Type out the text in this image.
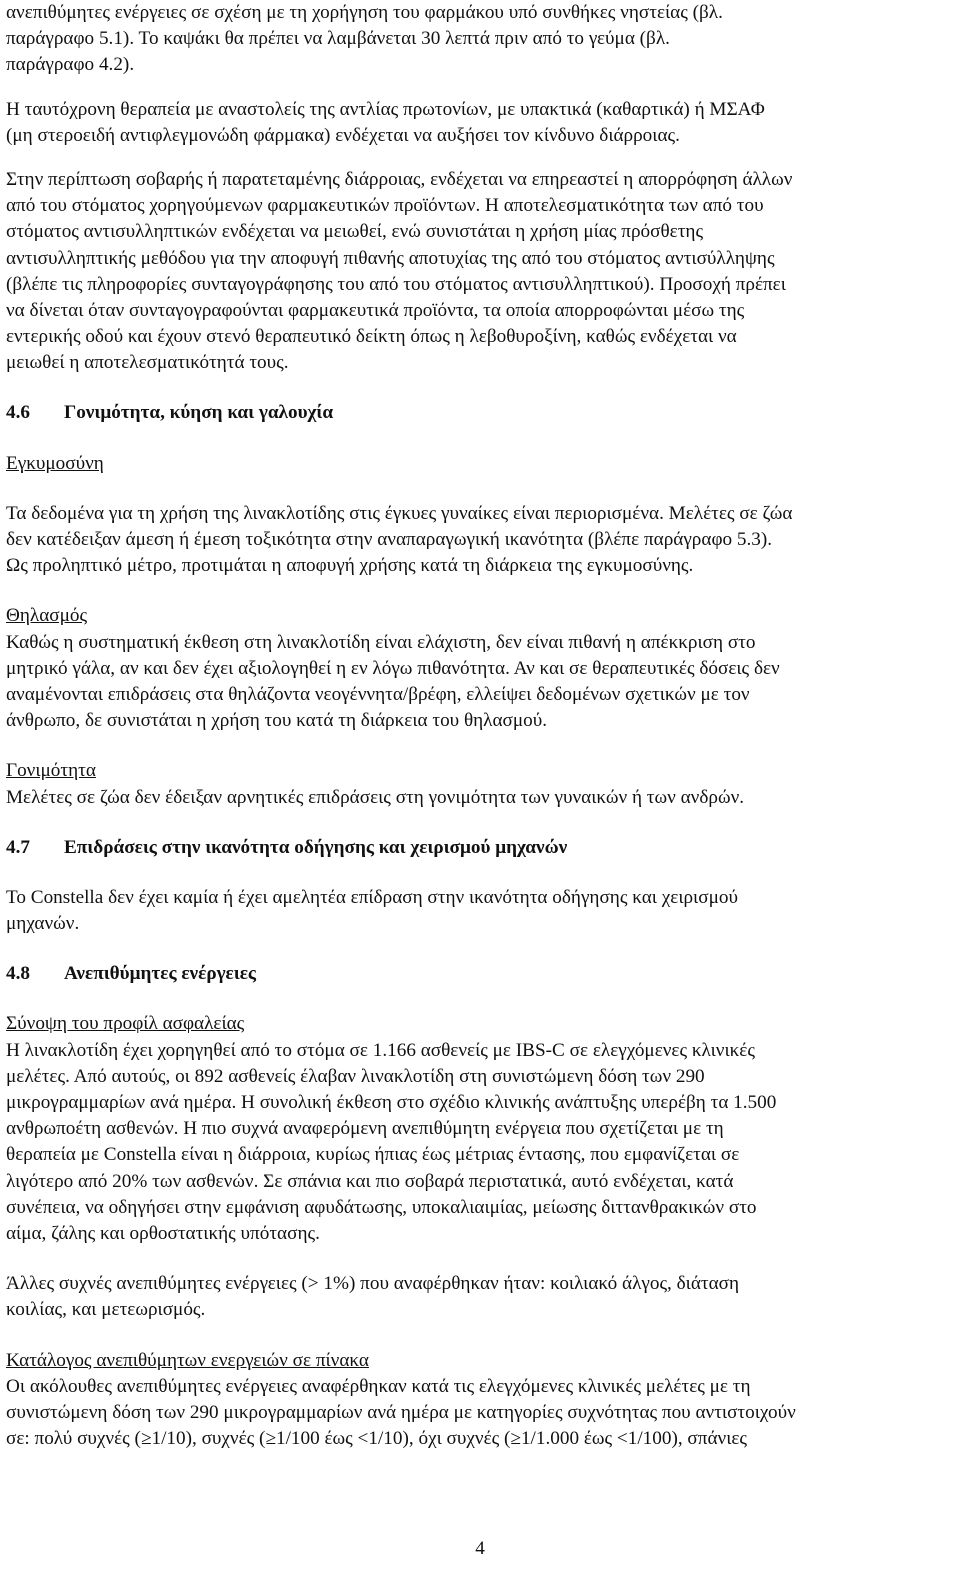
ανεπιθύμητες ενέργειες σε σχέση με τη χορήγηση του φαρμάκου υπό συνθήκες νηστείας (βλ.
παράγραφο 5.1). Το καψάκι θα πρέπει να λαμβάνεται 30 λεπτά πριν από το γεύμα (βλ.
παράγραφο 4.2).
Η ταυτόχρονη θεραπεία με αναστολείς της αντλίας πρωτονίων, με υπακτικά (καθαρτικά) ή ΜΣΑΦ
(μη στεροειδή αντιφλεγμονώδη φάρμακα) ενδέχεται να αυξήσει τον κίνδυνο διάρροιας.
Στην περίπτωση σοβαρής ή παρατεταμένης διάρροιας, ενδέχεται να επηρεαστεί η απορρόφηση άλλων
από του στόματος χορηγούμενων φαρμακευτικών προϊόντων. Η αποτελεσματικότητα των από του
στόματος αντισυλληπτικών ενδέχεται να μειωθεί, ενώ συνιστάται η χρήση μίας πρόσθετης
αντισυλληπτικής μεθόδου για την αποφυγή πιθανής αποτυχίας της από του στόματος αντισύλληψης
(βλέπε τις πληροφορίες συνταγογράφησης του από του στόματος αντισυλληπτικού). Προσοχή πρέπει
να δίνεται όταν συνταγογραφούνται φαρμακευτικά προϊόντα, τα οποία απορροφώνται μέσω της
εντερικής οδού και έχουν στενό θεραπευτικό δείκτη όπως η λεβοθυροξίνη, καθώς ενδέχεται να
μειωθεί η αποτελεσματικότητά τους.
4.6 Γονιμότητα, κύηση και γαλουχία
Εγκυμοσύνη
Τα δεδομένα για τη χρήση της λινακλοτίδης στις έγκυες γυναίκες είναι περιορισμένα. Μελέτες σε ζώα
δεν κατέδειξαν άμεση ή έμεση τοξικότητα στην αναπαραγωγική ικανότητα (βλέπε παράγραφο 5.3).
Ως προληπτικό μέτρο, προτιμάται η αποφυγή χρήσης κατά τη διάρκεια της εγκυμοσύνης.
Θηλασμός
Καθώς η συστηματική έκθεση στη λινακλοτίδη είναι ελάχιστη, δεν είναι πιθανή η απέκκριση στο
μητρικό γάλα, αν και δεν έχει αξιολογηθεί η εν λόγω πιθανότητα. Αν και σε θεραπευτικές δόσεις δεν
αναμένονται επιδράσεις στα θηλάζοντα νεογέννητα/βρέφη, ελλείψει δεδομένων σχετικών με τον
άνθρωπο, δε συνιστάται η χρήση του κατά τη διάρκεια του θηλασμού.
Γονιμότητα
Μελέτες σε ζώα δεν έδειξαν αρνητικές επιδράσεις στη γονιμότητα των γυναικών ή των ανδρών.
4.7 Επιδράσεις στην ικανότητα οδήγησης και χειρισμού μηχανών
Το Constella δεν έχει καμία ή έχει αμελητέα επίδραση στην ικανότητα οδήγησης και χειρισμού
μηχανών.
4.8 Ανεπιθύμητες ενέργειες
Σύνοψη του προφίλ ασφαλείας
Η λινακλοτίδη έχει χορηγηθεί από το στόμα σε 1.166 ασθενείς με IBS-C σε ελεγχόμενες κλινικές
μελέτες. Από αυτούς, οι 892 ασθενείς έλαβαν λινακλοτίδη στη συνιστώμενη δόση των 290
μικρογραμμαρίων ανά ημέρα. Η συνολική έκθεση στο σχέδιο κλινικής ανάπτυξης υπερέβη τα 1.500
ανθρωποέτη ασθενών. Η πιο συχνά αναφερόμενη ανεπιθύμητη ενέργεια που σχετίζεται με τη
θεραπεία με Constella είναι η διάρροια, κυρίως ήπιας έως μέτριας έντασης, που εμφανίζεται σε
λιγότερο από 20% των ασθενών. Σε σπάνια και πιο σοβαρά περιστατικά, αυτό ενδέχεται, κατά
συνέπεια, να οδηγήσει στην εμφάνιση αφυδάτωσης, υποκαλιαιμίας, μείωσης διττανθρακικών στο
αίμα, ζάλης και ορθοστατικής υπότασης.
Άλλες συχνές ανεπιθύμητες ενέργειες (> 1%) που αναφέρθηκαν ήταν: κοιλιακό άλγος, διάταση
κοιλίας, και μετεωρισμός.
Κατάλογος ανεπιθύμητων ενεργειών σε πίνακα
Οι ακόλουθες ανεπιθύμητες ενέργειες αναφέρθηκαν κατά τις ελεγχόμενες κλινικές μελέτες με τη
συνιστώμενη δόση των 290 μικρογραμμαρίων ανά ημέρα με κατηγορίες συχνότητας που αντιστοιχούν
σε: πολύ συχνές (≥1/10), συχνές (≥1/100 έως <1/10), όχι συχνές (≥1/1.000 έως <1/100), σπάνιες
4
